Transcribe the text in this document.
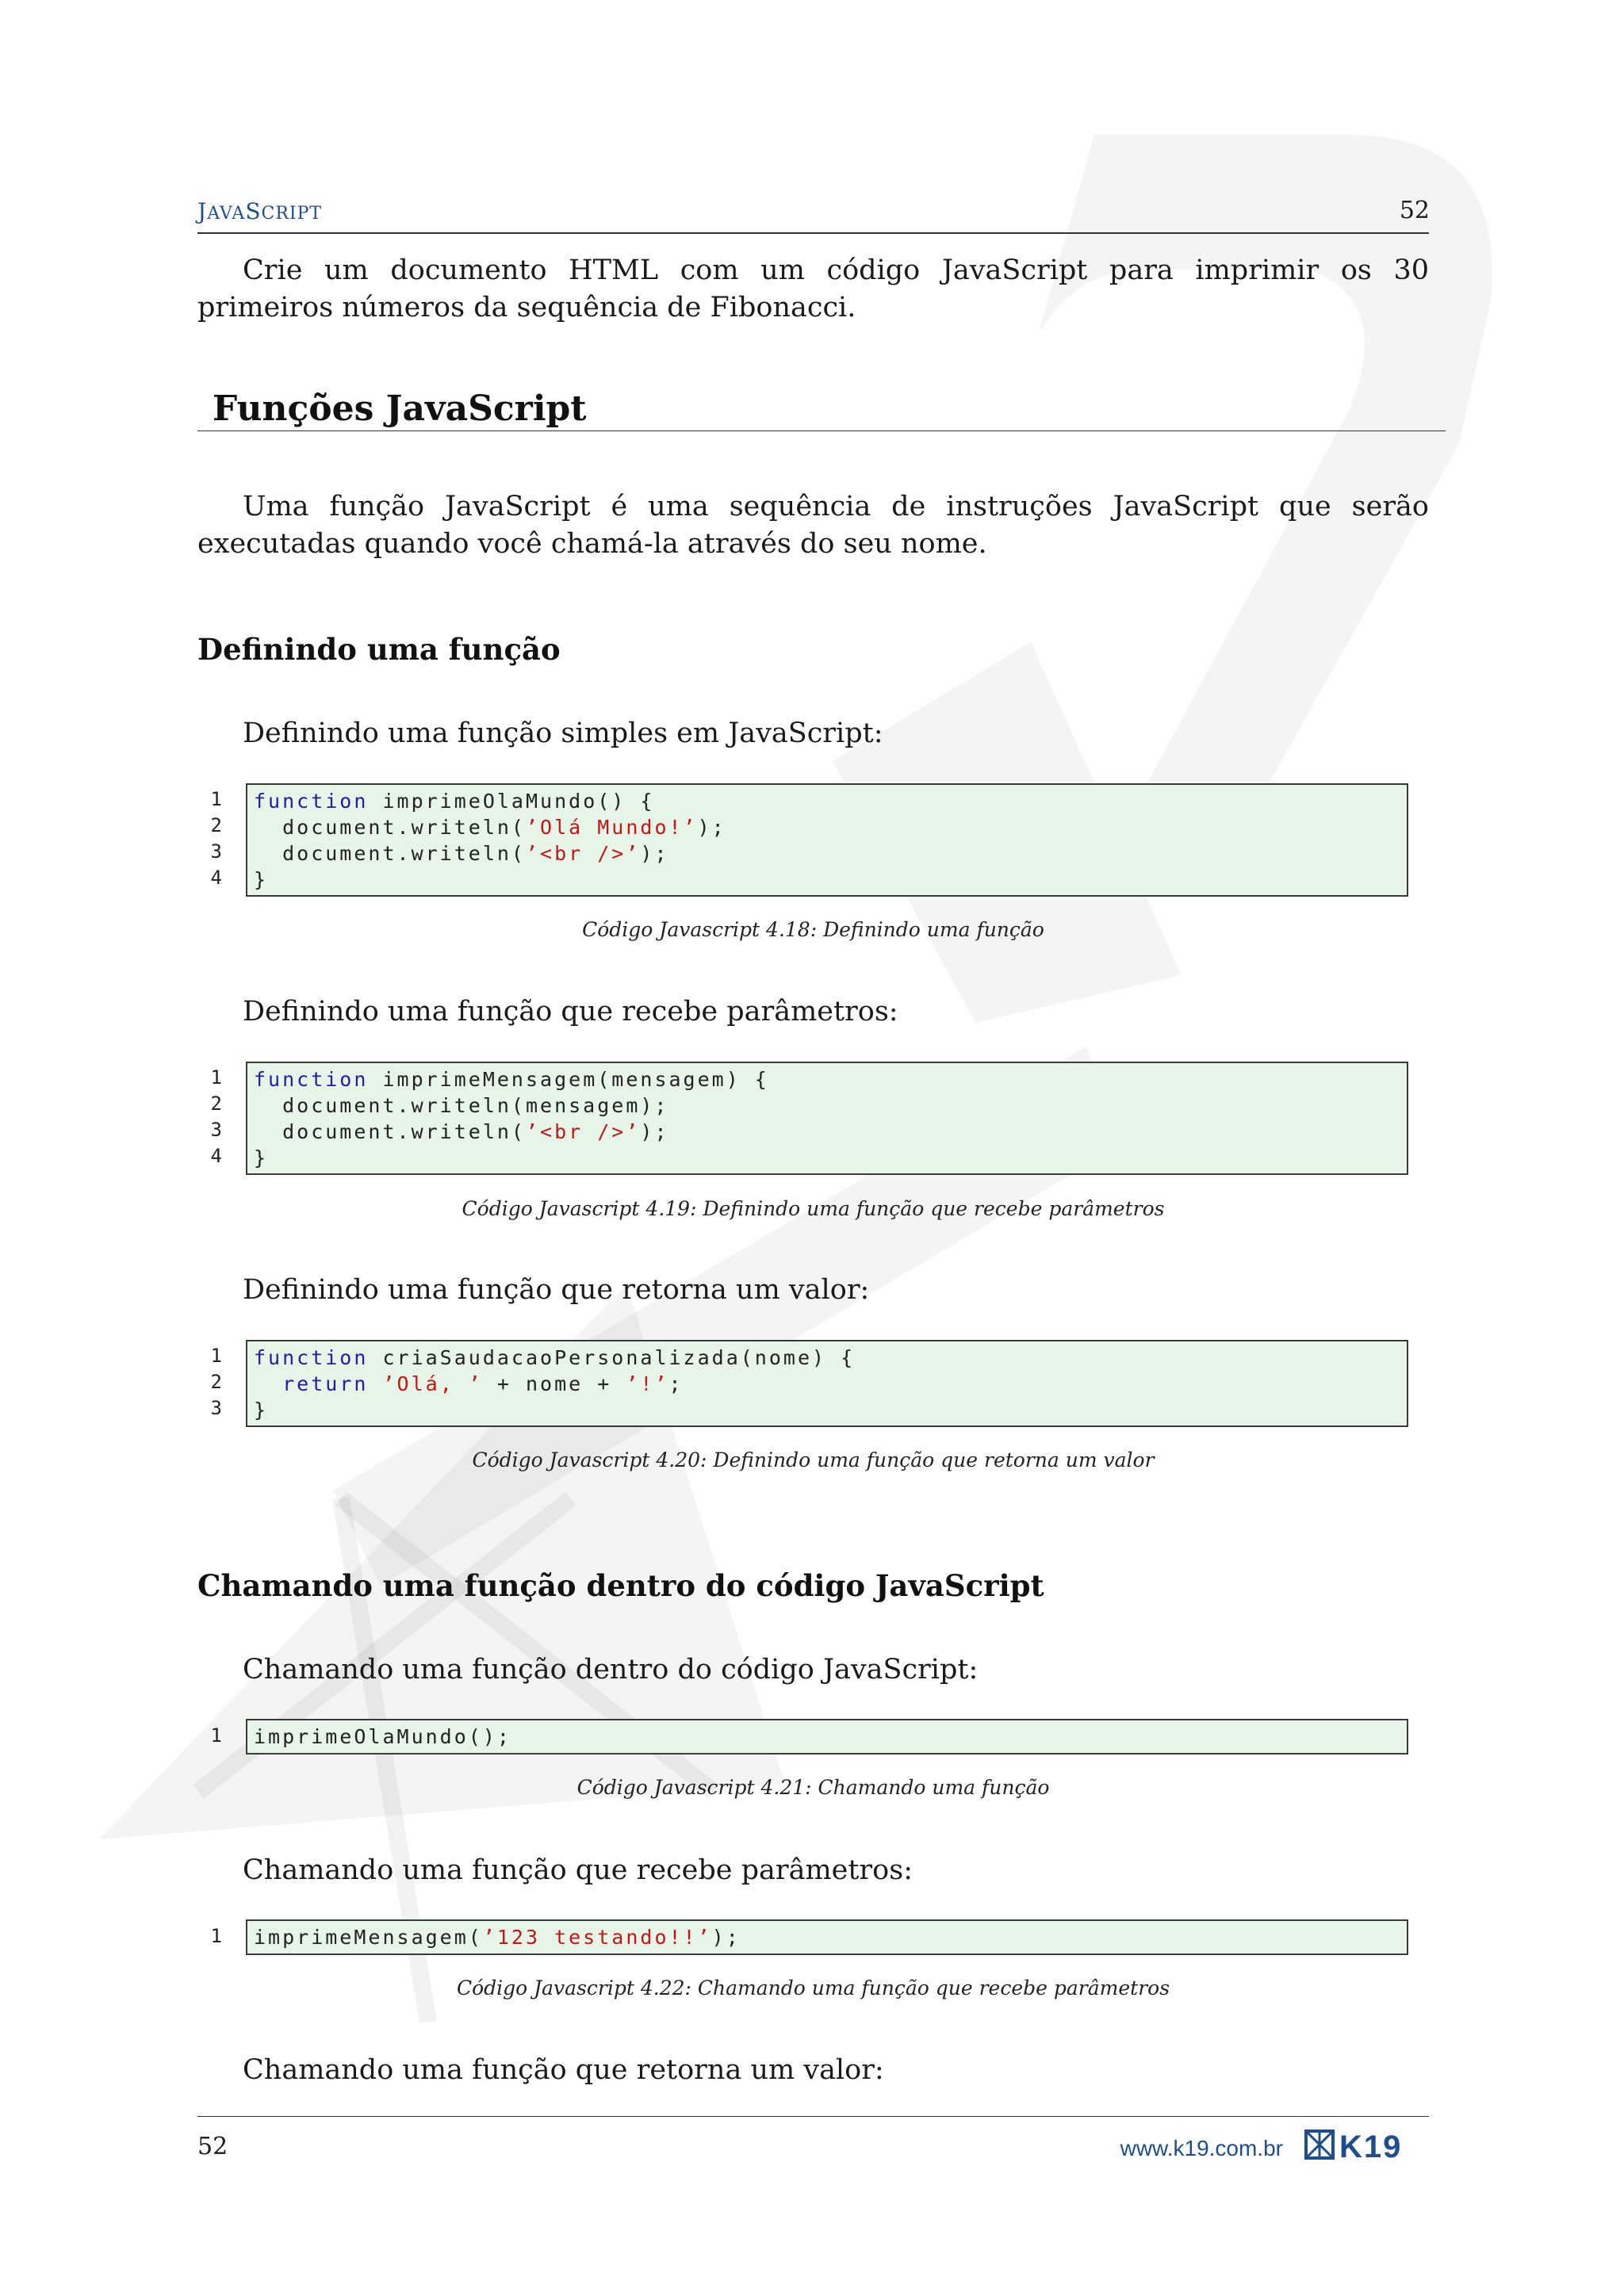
JAVASCRIPT	52
Crie um documento HTML com um código JavaScript para imprimir os 30 primeiros números da sequência de Fibonacci.
Funções JavaScript
Uma função JavaScript é uma sequência de instruções JavaScript que serão executadas quando você chamá-la através do seu nome.
Definindo uma função
Definindo uma função simples em JavaScript:
1
2
3
4
function imprimeOlaMundo() {
document.writeln(’Olá Mundo!’);
document.writeln(’<br />’);
}
Código Javascript 4.18: Definindo uma função
Definindo uma função que recebe parâmetros:
1
2
3
4
function imprimeMensagem(mensagem) {
document.writeln(mensagem);
document.writeln(’<br />’);
}
Código Javascript 4.19: Definindo uma função que recebe parâmetros
Definindo uma função que retorna um valor:
1
2
3
function criaSaudacaoPersonalizada(nome) {
return ’Olá, ’ + nome + ’!’;
}
Código Javascript 4.20: Definindo uma função que retorna um valor
Chamando uma função dentro do código JavaScript
Chamando uma função dentro do código JavaScript:
1 imprimeOlaMundo();
Código Javascript 4.21: Chamando uma função
Chamando uma função que recebe parâmetros:
1 imprimeMensagem(’123 testando!!’);
Código Javascript 4.22: Chamando uma função que recebe parâmetros
Chamando uma função que retorna um valor:
52	www.k19.com.br K19
